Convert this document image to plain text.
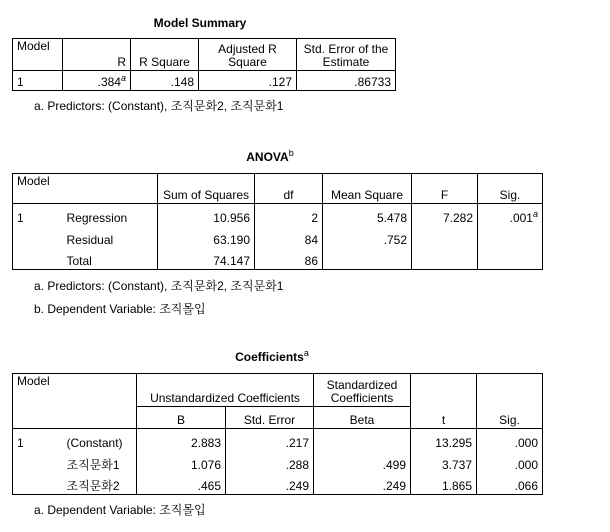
Model Summary
Model	R	R Square	Adjusted R Square	Std. Error of the Estimate
1	.384$^a$	.148	.127	.86733
a. Predictors: (Constant), 조직문화2, 조직문화1
ANOVA$^b$
Model		Sum of Squares	df	Mean Square	F	Sig.
1	Regression	10.956	2	5.478	7.282	.001$^a$
	Residual	63.190	84	.752		
	Total	74.147	86			
a. Predictors: (Constant), 조직문화2, 조직문화1
b. Dependent Variable: 조직몰입
Coefficients$^a$
Model		Unstandardized Coefficients		Standardized Coefficients		
		B	Std. Error	Beta	t	Sig.
1	(Constant)	2.883	.217		13.295	.000
	조직문화1	1.076	.288	.499	3.737	.000
	조직문화2	.465	.249	.249	1.865	.066
a. Dependent Variable: 조직몰입
